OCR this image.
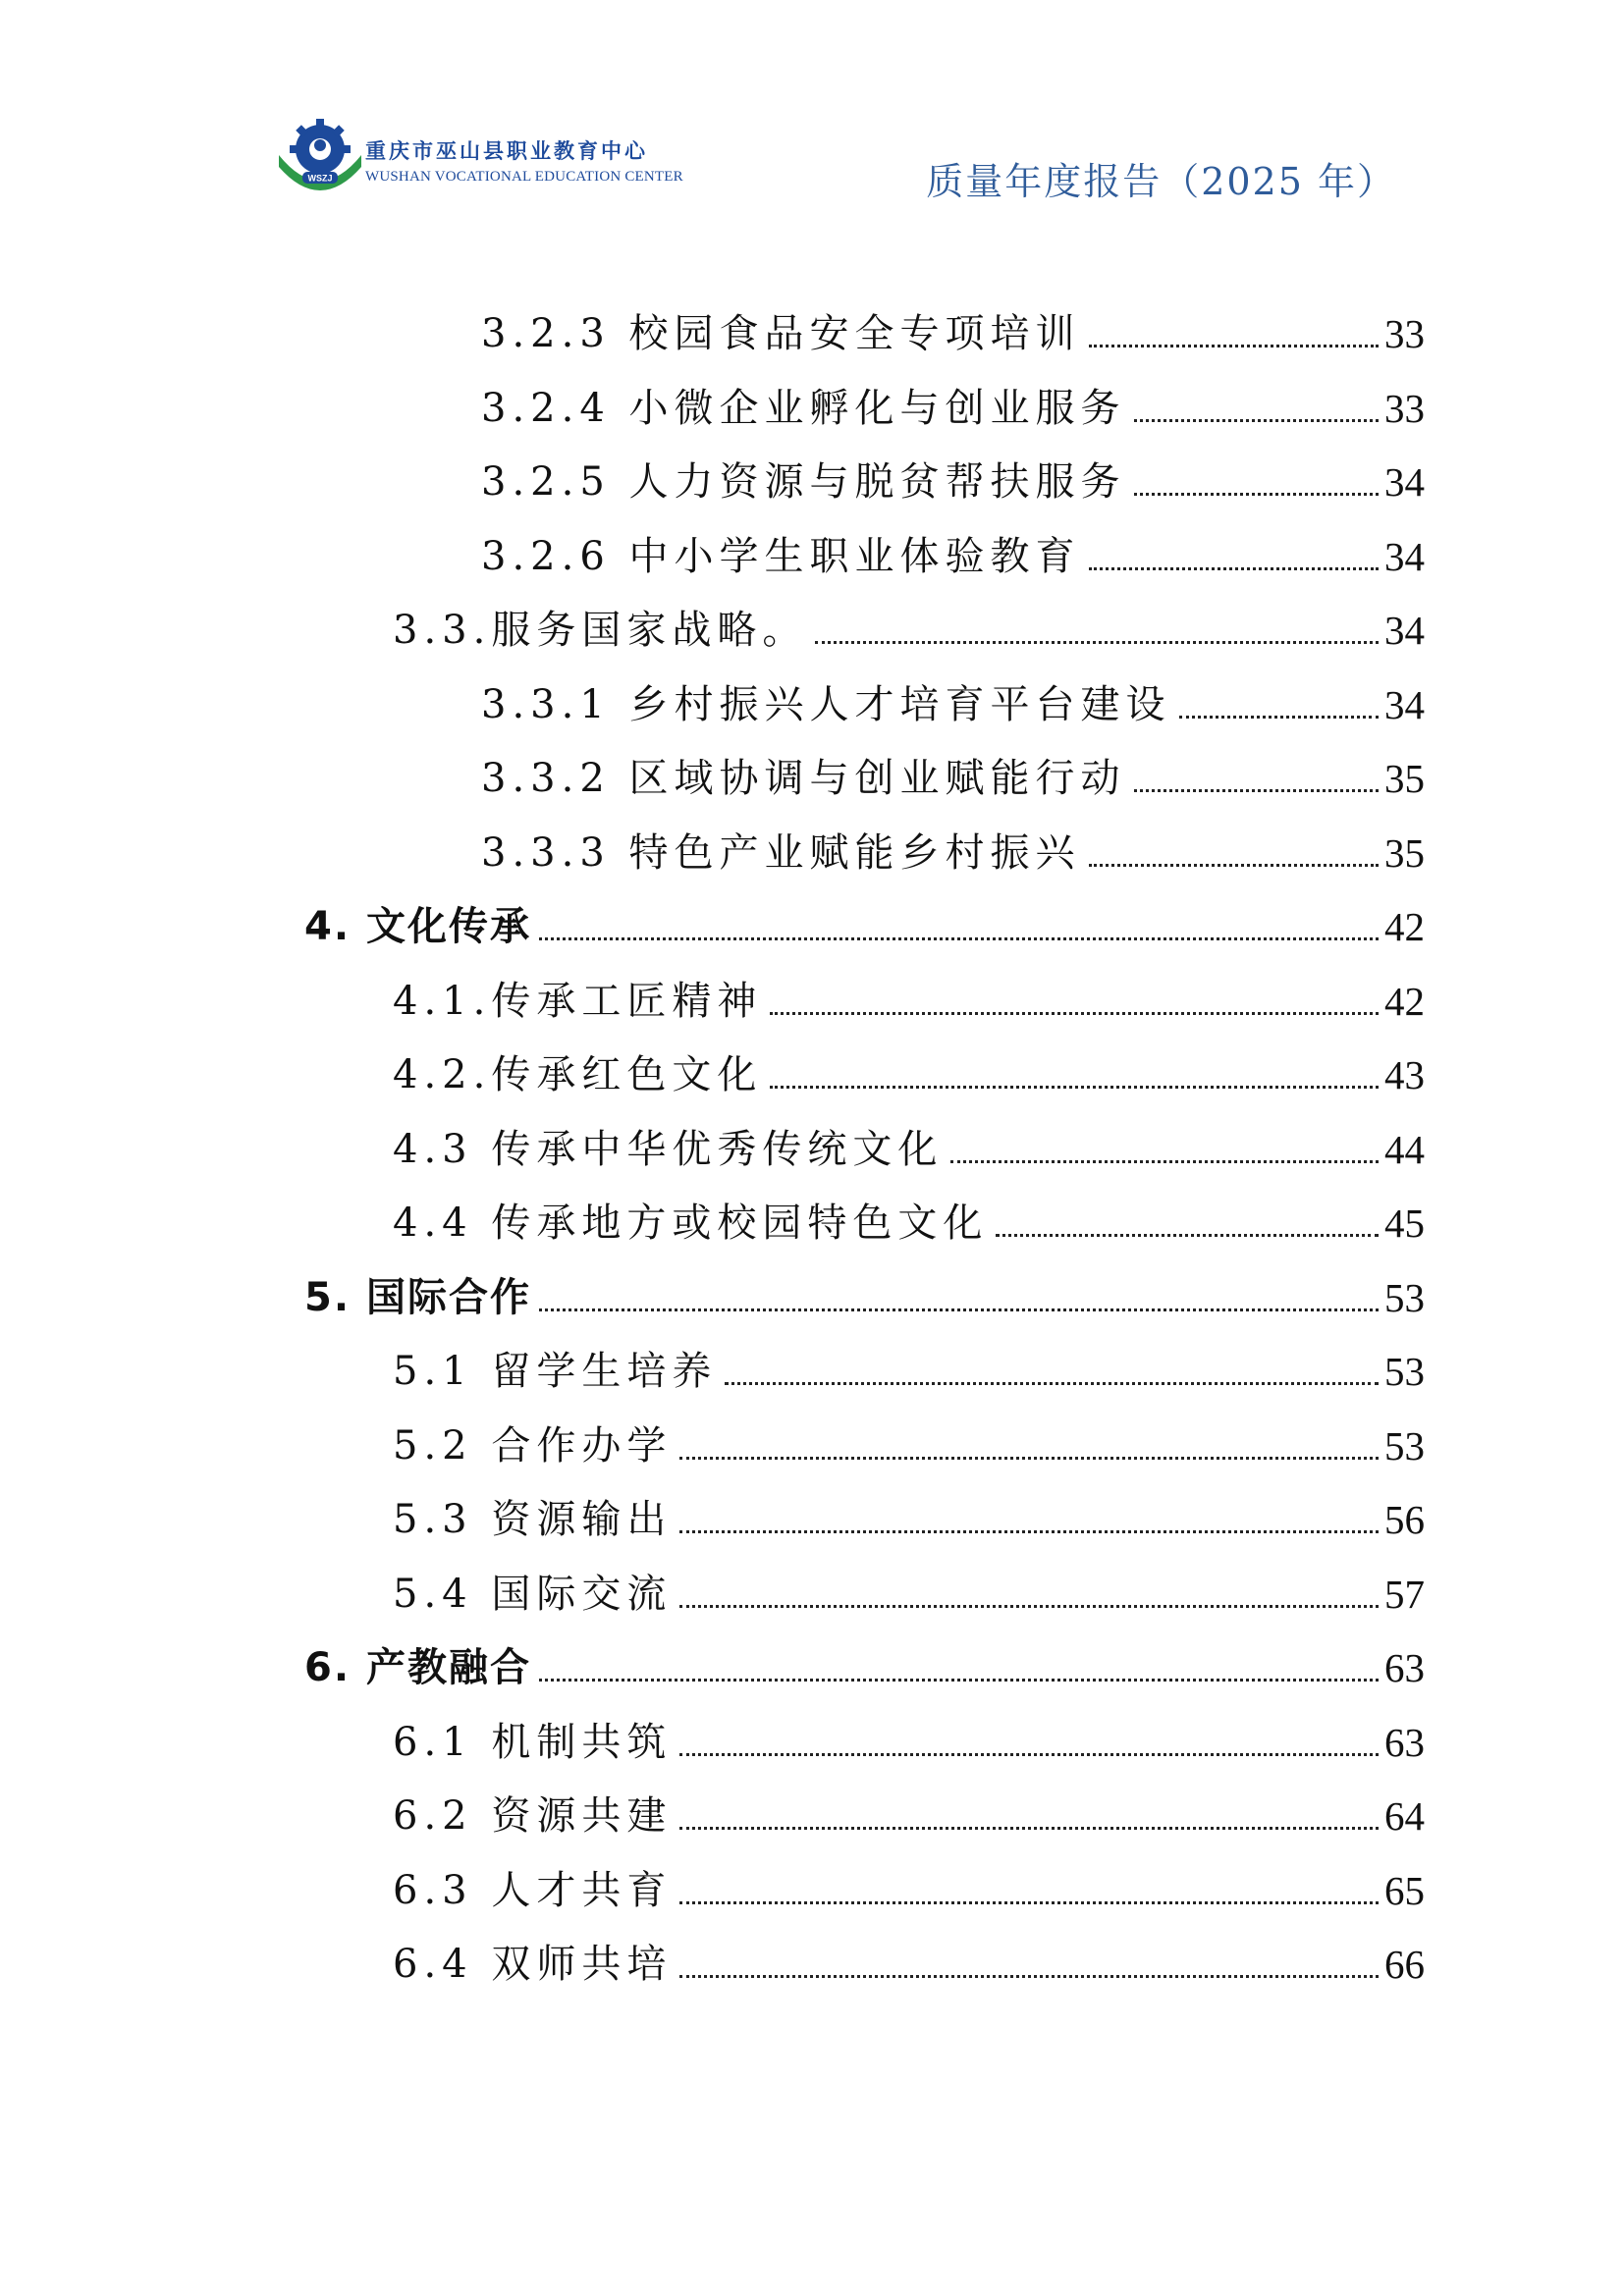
WSZJ
重庆市巫山县职业教育中心
WUSHAN VOCATIONAL EDUCATION CENTER	质量年度报告（2025 年）
3.2.3 校园食品安全专项培训	33
3.2.4 小微企业孵化与创业服务	33
3.2.5 人力资源与脱贫帮扶服务	34
3.2.6 中小学生职业体验教育	34
3.3.服务国家战略。	34
3.3.1 乡村振兴人才培育平台建设	34
3.3.2 区域协调与创业赋能行动	35
3.3.3 特色产业赋能乡村振兴	35
4. 文化传承	42
4.1.传承工匠精神	42
4.2.传承红色文化	43
4.3 传承中华优秀传统文化	44
4.4 传承地方或校园特色文化	45
5. 国际合作	53
5.1 留学生培养	53
5.2 合作办学	53
5.3 资源输出	56
5.4 国际交流	57
6. 产教融合	63
6.1 机制共筑	63
6.2 资源共建	64
6.3 人才共育	65
6.4 双师共培	66
